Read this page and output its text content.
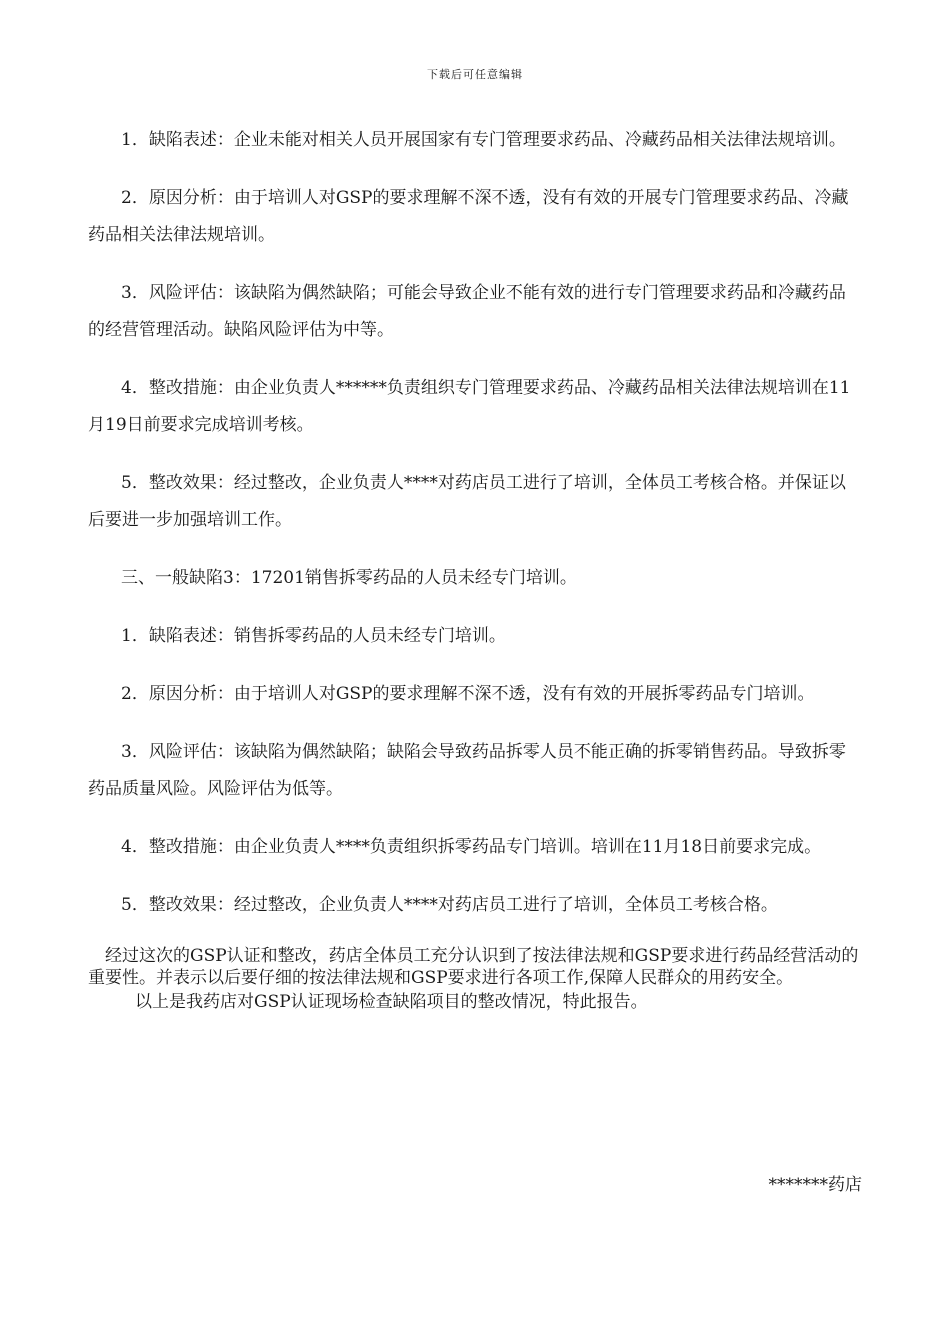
下载后可任意编辑

1．缺陷表述：企业未能对相关人员开展国家有专门管理要求药品、冷藏药品相关法律法规培训。

2．原因分析：由于培训人对GSP的要求理解不深不透，没有有效的开展专门管理要求药品、冷藏药品相关法律法规培训。

3．风险评估：该缺陷为偶然缺陷；可能会导致企业不能有效的进行专门管理要求药品和冷藏药品的经营管理活动。缺陷风险评估为中等。

4．整改措施：由企业负责人******负责组织专门管理要求药品、冷藏药品相关法律法规培训在11月19日前要求完成培训考核。

5．整改效果：经过整改，企业负责人****对药店员工进行了培训，全体员工考核合格。并保证以后要进一步加强培训工作。

三、一般缺陷3：17201销售拆零药品的人员未经专门培训。

1．缺陷表述：销售拆零药品的人员未经专门培训。

2．原因分析：由于培训人对GSP的要求理解不深不透，没有有效的开展拆零药品专门培训。

3．风险评估：该缺陷为偶然缺陷；缺陷会导致药品拆零人员不能正确的拆零销售药品。导致拆零药品质量风险。风险评估为低等。

4．整改措施：由企业负责人****负责组织拆零药品专门培训。培训在11月18日前要求完成。

5．整改效果：经过整改，企业负责人****对药店员工进行了培训，全体员工考核合格。

经过这次的GSP认证和整改，药店全体员工充分认识到了按法律法规和GSP要求进行药品经营活动的重要性。并表示以后要仔细的按法律法规和GSP要求进行各项工作,保障人民群众的用药安全。

以上是我药店对GSP认证现场检查缺陷项目的整改情况，特此报告。

*******药店
